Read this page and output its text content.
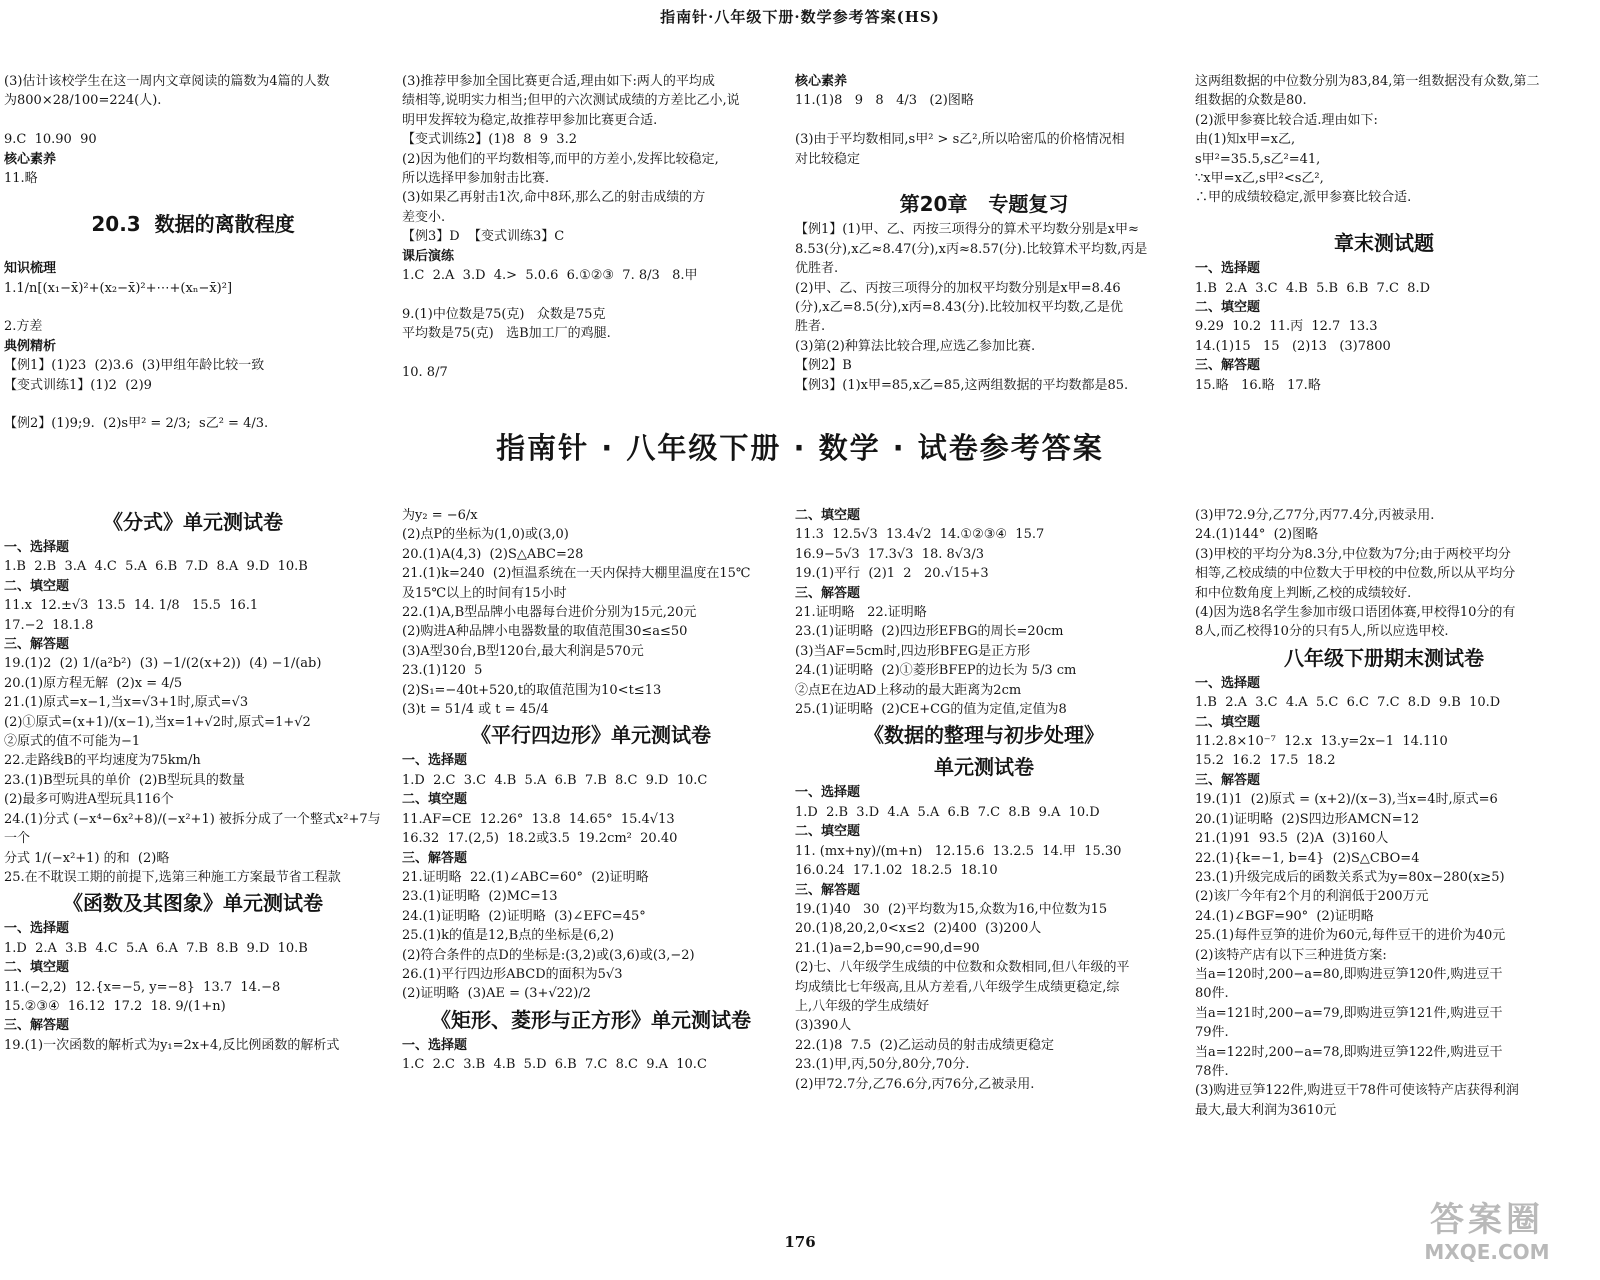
指南针·八年级下册·数学参考答案(HS)
(3)估计该校学生在这一周内文章阅读的篇数为4篇的人数
为800×28/100=224(人).
9.C  10.90  90
核心素养
11.略
20.3  数据的离散程度
知识梳理
1.1/n[(x₁−x̄)²+(x₂−x̄)²+⋯+(xₙ−x̄)²]
2.方差
典例精析
【例1】(1)23  (2)3.6  (3)甲组年龄比较一致
【变式训练1】(1)2  (2)9
【例2】(1)9;9.  (2)s甲² = 2/3;  s乙² = 4/3.
(3)推荐甲参加全国比赛更合适,理由如下:两人的平均成
绩相等,说明实力相当;但甲的六次测试成绩的方差比乙小,说
明甲发挥较为稳定,故推荐甲参加比赛更合适.
【变式训练2】(1)8  8  9  3.2
(2)因为他们的平均数相等,而甲的方差小,发挥比较稳定,
所以选择甲参加射击比赛.
(3)如果乙再射击1次,命中8环,那么乙的射击成绩的方
差变小.
【例3】D  【变式训练3】C
课后演练
1.C  2.A  3.D  4.>  5.0.6  6.①②③  7. 8/3   8.甲
9.(1)中位数是75(克)   众数是75克
平均数是75(克)   选B加工厂的鸡腿.
10. 8/7
核心素养
11.(1)8   9   8   4/3   (2)图略
(3)由于平均数相同,s甲² > s乙²,所以哈密瓜的价格情况相
对比较稳定
第20章   专题复习
【例1】(1)甲、乙、丙按三项得分的算术平均数分别是x甲≈
8.53(分),x乙≈8.47(分),x丙≈8.57(分).比较算术平均数,丙是
优胜者.
(2)甲、乙、丙按三项得分的加权平均数分别是x甲=8.46
(分),x乙=8.5(分),x丙=8.43(分).比较加权平均数,乙是优
胜者.
(3)第(2)种算法比较合理,应选乙参加比赛.
【例2】B
【例3】(1)x甲=85,x乙=85,这两组数据的平均数都是85.
这两组数据的中位数分别为83,84,第一组数据没有众数,第二
组数据的众数是80.
(2)派甲参赛比较合适.理由如下:
由(1)知x甲=x乙,
s甲²=35.5,s乙²=41,
∵x甲=x乙,s甲²<s乙²,
∴甲的成绩较稳定,派甲参赛比较合适.
章末测试题
一、选择题
1.B  2.A  3.C  4.B  5.B  6.B  7.C  8.D
二、填空题
9.29  10.2  11.丙  12.7  13.3
14.(1)15   15   (2)13   (3)7800
三、解答题
15.略   16.略   17.略
指南针 · 八年级下册 · 数学 · 试卷参考答案
《分式》单元测试卷
一、选择题
1.B  2.B  3.A  4.C  5.A  6.B  7.D  8.A  9.D  10.B
二、填空题
11.x  12.±√3  13.5  14. 1/8   15.5  16.1
17.−2  18.1.8
三、解答题
19.(1)2  (2) 1/(a²b²)  (3) −1/(2(x+2))  (4) −1/(ab)
20.(1)原方程无解  (2)x = 4/5
21.(1)原式=x−1,当x=√3+1时,原式=√3
(2)①原式=(x+1)/(x−1),当x=1+√2时,原式=1+√2
②原式的值不可能为−1
22.走路线B的平均速度为75km/h
23.(1)B型玩具的单价  (2)B型玩具的数量
(2)最多可购进A型玩具116个
24.(1)分式 (−x⁴−6x²+8)/(−x²+1) 被拆分成了一个整式x²+7与一个
分式 1/(−x²+1) 的和  (2)略
25.在不耽误工期的前提下,选第三种施工方案最节省工程款
《函数及其图象》单元测试卷
一、选择题
1.D  2.A  3.B  4.C  5.A  6.A  7.B  8.B  9.D  10.B
二、填空题
11.(−2,2)  12.{x=−5, y=−8}  13.7  14.−8
15.②③④  16.12  17.2  18. 9/(1+n)
三、解答题
19.(1)一次函数的解析式为y₁=2x+4,反比例函数的解析式
为y₂ = −6/x
(2)点P的坐标为(1,0)或(3,0)
20.(1)A(4,3)  (2)S△ABC=28
21.(1)k=240  (2)恒温系统在一天内保持大棚里温度在15℃
及15℃以上的时间有15小时
22.(1)A,B型品牌小电器每台进价分别为15元,20元
(2)购进A种品牌小电器数量的取值范围30≤a≤50
(3)A型30台,B型120台,最大利润是570元
23.(1)120  5
(2)S₁=−40t+520,t的取值范围为10<t≤13
(3)t = 51/4 或 t = 45/4
《平行四边形》单元测试卷
一、选择题
1.D  2.C  3.C  4.B  5.A  6.B  7.B  8.C  9.D  10.C
二、填空题
11.AF=CE  12.26°  13.8  14.65°  15.4√13
16.32  17.(2,5)  18.2或3.5  19.2cm²  20.40
三、解答题
21.证明略  22.(1)∠ABC=60°  (2)证明略
23.(1)证明略  (2)MC=13
24.(1)证明略  (2)证明略  (3)∠EFC=45°
25.(1)k的值是12,B点的坐标是(6,2)
(2)符合条件的点D的坐标是:(3,2)或(3,6)或(3,−2)
26.(1)平行四边形ABCD的面积为5√3
(2)证明略  (3)AE = (3+√22)/2
《矩形、菱形与正方形》单元测试卷
一、选择题
1.C  2.C  3.B  4.B  5.D  6.B  7.C  8.C  9.A  10.C
二、填空题
11.3  12.5√3  13.4√2  14.①②③④  15.7
16.9−5√3  17.3√3  18. 8√3/3
19.(1)平行  (2)1  2   20.√15+3
三、解答题
21.证明略   22.证明略
23.(1)证明略  (2)四边形EFBG的周长=20cm
(3)当AF=5cm时,四边形BFEG是正方形
24.(1)证明略  (2)①菱形BFEP的边长为 5/3 cm
②点E在边AD上移动的最大距离为2cm
25.(1)证明略  (2)CE+CG的值为定值,定值为8
《数据的整理与初步处理》
单元测试卷
一、选择题
1.D  2.B  3.D  4.A  5.A  6.B  7.C  8.B  9.A  10.D
二、填空题
11. (mx+ny)/(m+n)   12.15.6  13.2.5  14.甲  15.30
16.0.24  17.1.02  18.2.5  18.10
三、解答题
19.(1)40   30  (2)平均数为15,众数为16,中位数为15
20.(1)8,20,2,0<x≤2  (2)400  (3)200人
21.(1)a=2,b=90,c=90,d=90
(2)七、八年级学生成绩的中位数和众数相同,但八年级的平
均成绩比七年级高,且从方差看,八年级学生成绩更稳定,综
上,八年级的学生成绩好
(3)390人
22.(1)8  7.5  (2)乙运动员的射击成绩更稳定
23.(1)甲,丙,50分,80分,70分.
(2)甲72.7分,乙76.6分,丙76分,乙被录用.
(3)甲72.9分,乙77分,丙77.4分,丙被录用.
24.(1)144°  (2)图略
(3)甲校的平均分为8.3分,中位数为7分;由于两校平均分
相等,乙校成绩的中位数大于甲校的中位数,所以从平均分
和中位数角度上判断,乙校的成绩较好.
(4)因为选8名学生参加市级口语团体赛,甲校得10分的有
8人,而乙校得10分的只有5人,所以应选甲校.
八年级下册期末测试卷
一、选择题
1.B  2.A  3.C  4.A  5.C  6.C  7.C  8.D  9.B  10.D
二、填空题
11.2.8×10⁻⁷  12.x  13.y=2x−1  14.110
15.2  16.2  17.5  18.2
三、解答题
19.(1)1  (2)原式 = (x+2)/(x−3),当x=4时,原式=6
20.(1)证明略  (2)S四边形AMCN=12
21.(1)91  93.5  (2)A  (3)160人
22.(1){k=−1, b=4}  (2)S△CBO=4
23.(1)升级完成后的函数关系式为y=80x−280(x≥5)
(2)该厂今年有2个月的利润低于200万元
24.(1)∠BGF=90°  (2)证明略
25.(1)每件豆笋的进价为60元,每件豆干的进价为40元
(2)该特产店有以下三种进货方案:
当a=120时,200−a=80,即购进豆笋120件,购进豆干
80件.
当a=121时,200−a=79,即购进豆笋121件,购进豆干
79件.
当a=122时,200−a=78,即购进豆笋122件,购进豆干
78件.
(3)购进豆笋122件,购进豆干78件可使该特产店获得利润
最大,最大利润为3610元
176
答案圈
MXQE.COM
